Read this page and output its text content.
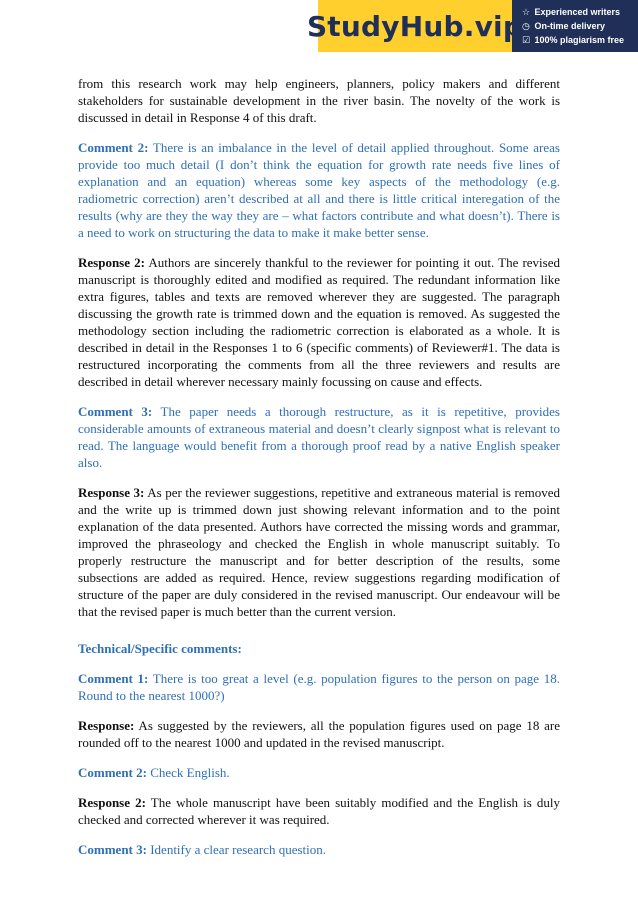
StudyHub.vip
☆ Experienced writers
◷ On-time delivery
☑ 100% plagiarism free

from this research work may help engineers, planners, policy makers and different stakeholders for sustainable development in the river basin. The novelty of the work is discussed in detail in Response 4 of this draft.

Comment 2: There is an imbalance in the level of detail applied throughout. Some areas provide too much detail (I don’t think the equation for growth rate needs five lines of explanation and an equation) whereas some key aspects of the methodology (e.g. radiometric correction) aren’t described at all and there is little critical interegation of the results (why are they the way they are – what factors contribute and what doesn’t). There is a need to work on structuring the data to make it make better sense.

Response 2: Authors are sincerely thankful to the reviewer for pointing it out. The revised manuscript is thoroughly edited and modified as required. The redundant information like extra figures, tables and texts are removed wherever they are suggested. The paragraph discussing the growth rate is trimmed down and the equation is removed. As suggested the methodology section including the radiometric correction is elaborated as a whole. It is described in detail in the Responses 1 to 6 (specific comments) of Reviewer#1. The data is restructured incorporating the comments from all the three reviewers and results are described in detail wherever necessary mainly focussing on cause and effects.

Comment 3: The paper needs a thorough restructure, as it is repetitive, provides considerable amounts of extraneous material and doesn’t clearly signpost what is relevant to read. The language would benefit from a thorough proof read by a native English speaker also.

Response 3: As per the reviewer suggestions, repetitive and extraneous material is removed and the write up is trimmed down just showing relevant information and to the point explanation of the data presented. Authors have corrected the missing words and grammar, improved the phraseology and checked the English in whole manuscript suitably. To properly restructure the manuscript and for better description of the results, some subsections are added as required. Hence, review suggestions regarding modification of structure of the paper are duly considered in the revised manuscript. Our endeavour will be that the revised paper is much better than the current version.

Technical/Specific comments:

Comment 1: There is too great a level (e.g. population figures to the person on page 18. Round to the nearest 1000?)

Response: As suggested by the reviewers, all the population figures used on page 18 are rounded off to the nearest 1000 and updated in the revised manuscript.

Comment 2: Check English.

Response 2: The whole manuscript have been suitably modified and the English is duly checked and corrected wherever it was required.

Comment 3: Identify a clear research question.
